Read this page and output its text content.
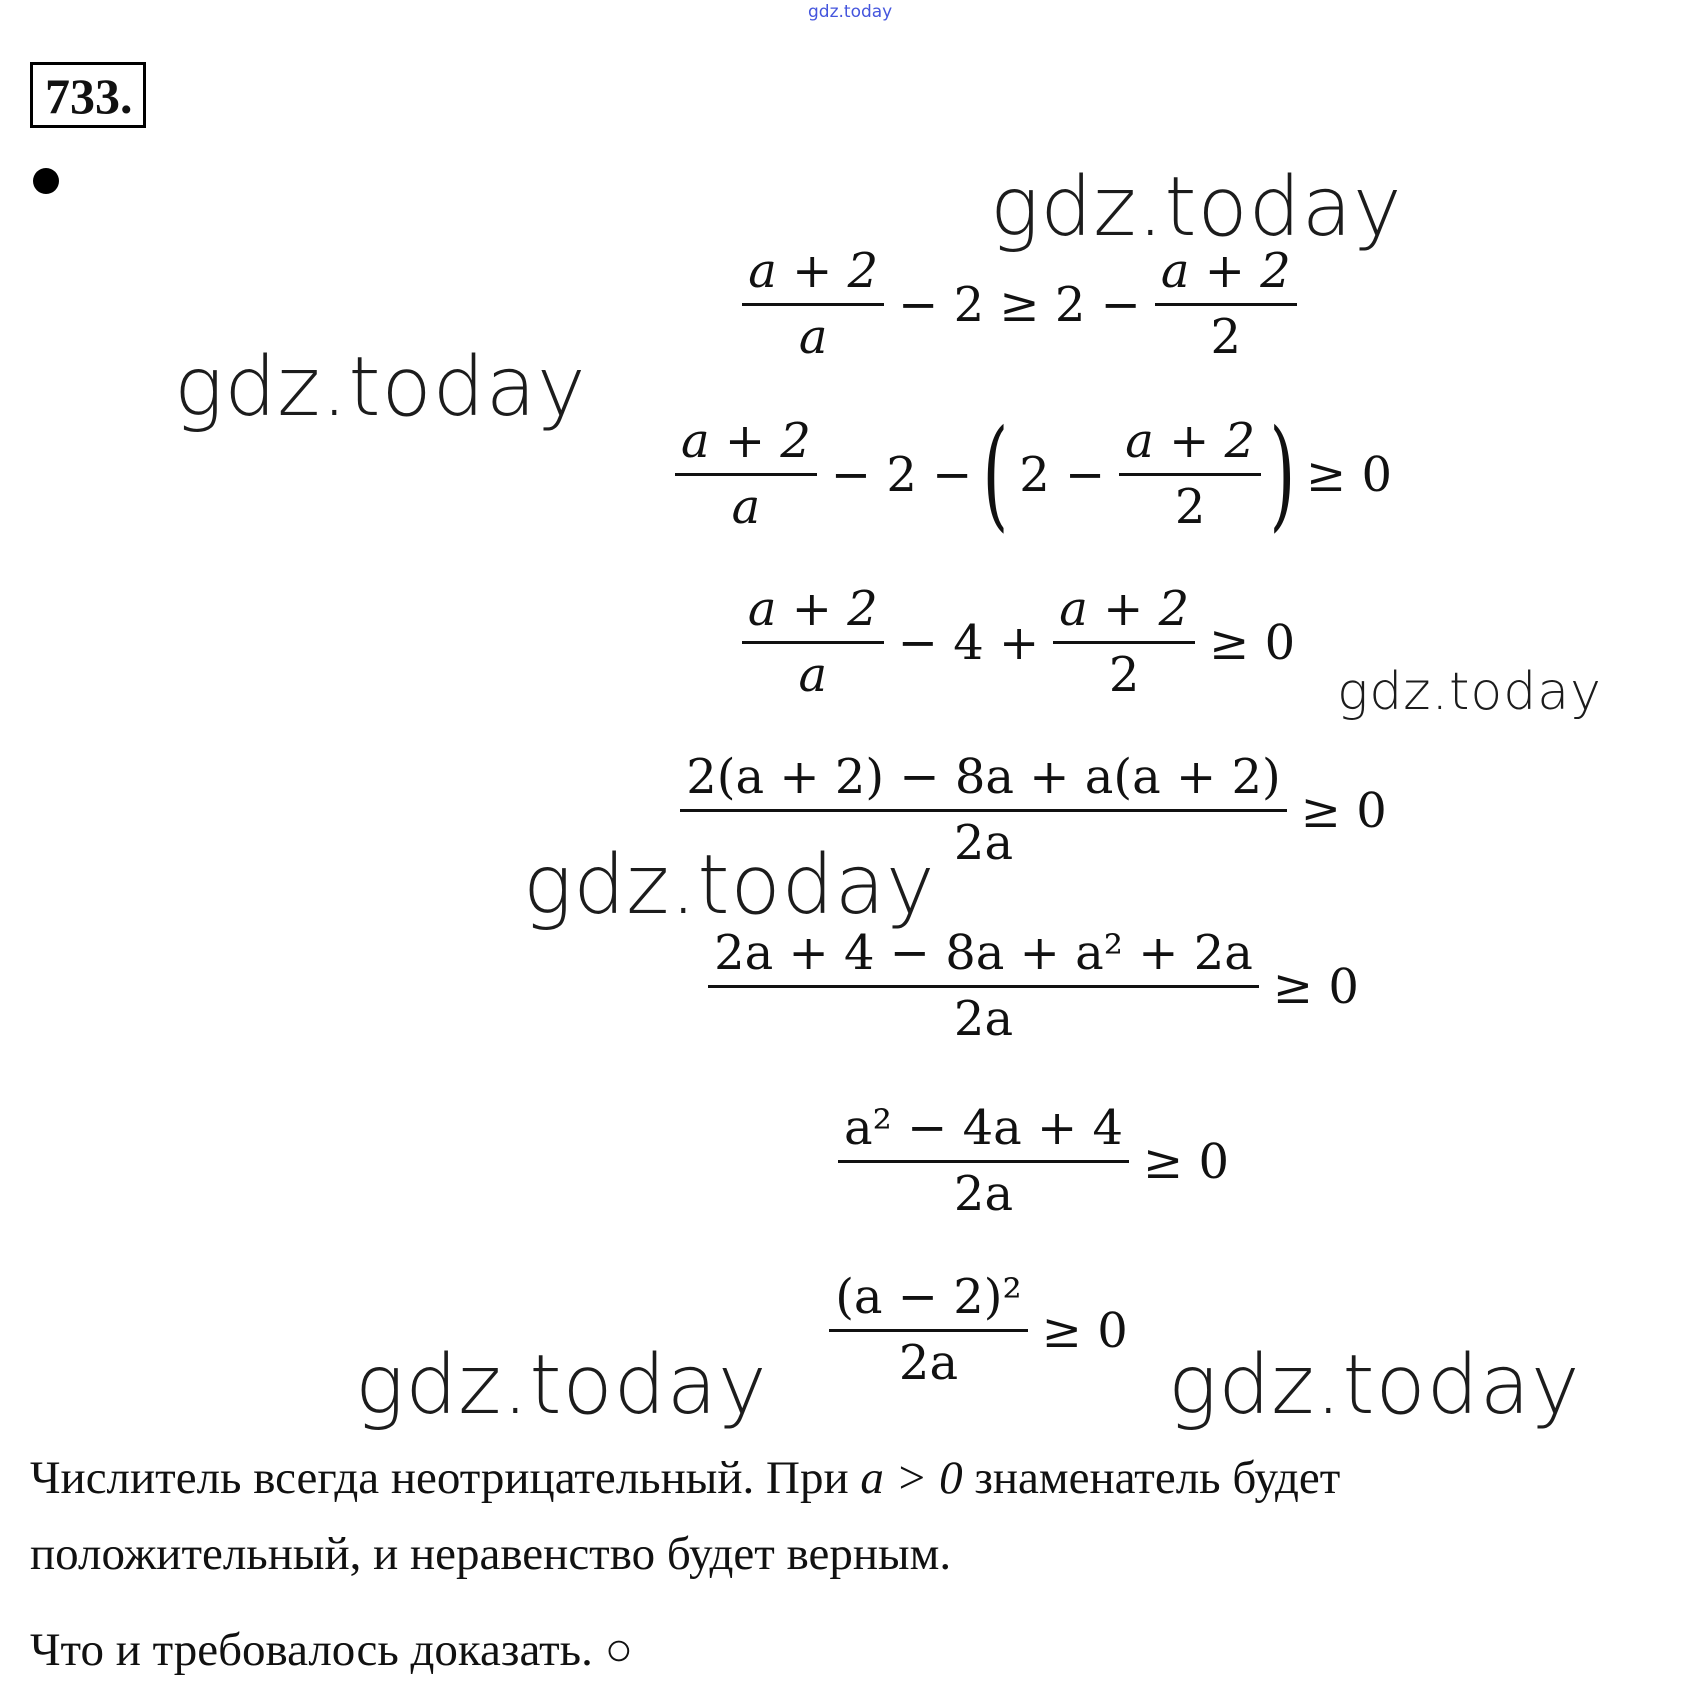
gdz.today
733.
$\frac{a + 2}{a} - 2 \ge 2 - \frac{a + 2}{2}$
$\frac{a + 2}{a} - 2$ − ( $2 - \frac{a + 2}{2}$ ) ≥ 0
$\frac{a + 2}{a} - 4 + \frac{a + 2}{2} \ge 0$
$\frac{2(a + 2) - 8a + a(a + 2)}{2a} \ge 0$
$\frac{\text{2a + 4 − 8a + a² + 2a}}{2a} \ge 0$
$\frac{\text{a² − 4a + 4}}{2a} \ge 0$
$\frac{\text{(a − 2)²}}{2a} \ge 0$
Числитель всегда неотрицательный. При a > 0 знаменатель будет
положительный, и неравенство будет верным.
Что и требовалось доказать. ○
gdz.today
gdz.today
gdz.today
gdz.today
gdz.today	gdz.today
